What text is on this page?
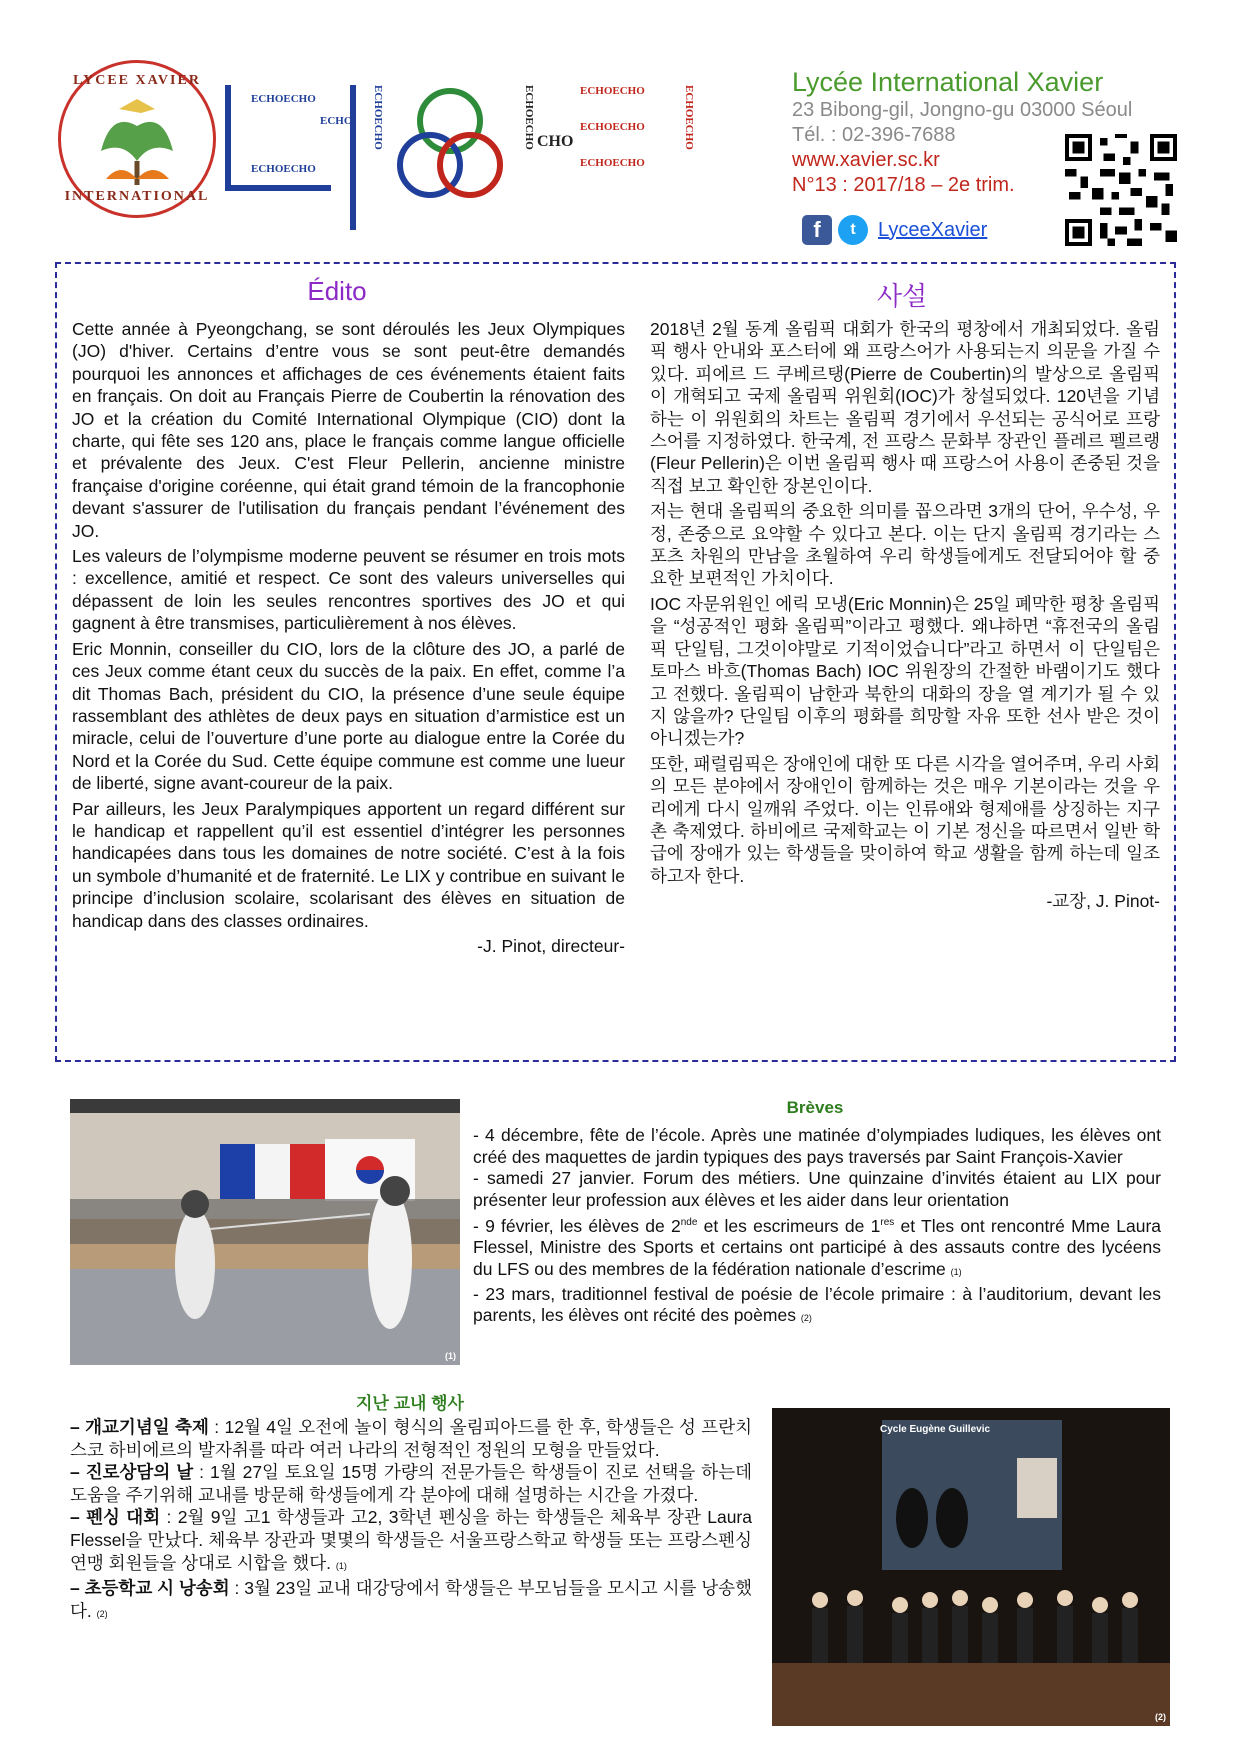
LYCEE XAVIER
INTERNATIONAL
ECHOECHO
ECHOECHO
ECHO	ECHOECHO	ECHOECHO CHO
ECHOECHO
ECHOECHO
ECHOECHO
ECHOECHO
Lycée International Xavier
23 Bibong-gil, Jongno-gu 03000 Séoul
Tél. : 02-396-7688
www.xavier.sc.kr
N°13 : 2017/18 – 2e trim.
f	t	LyceeXavier
Édito	사설

Cette année à Pyeongchang, se sont déroulés les Jeux Olympiques (JO) d'hiver. Certains d’entre vous se sont peut-être demandés pourquoi les annonces et affichages de ces événements étaient faits en français. On doit au Français Pierre de Coubertin la rénovation des JO et la création du Comité International Olympique (CIO) dont la charte, qui fête ses 120 ans, place le français comme langue officielle et prévalente des Jeux. C'est Fleur Pellerin, ancienne ministre française d'origine coréenne, qui était grand témoin de la francophonie devant s'assurer de l'utilisation du français pendant l’événement des JO.

Les valeurs de l’olympisme moderne peuvent se résumer en trois mots : excellence, amitié et respect. Ce sont des valeurs universelles qui dépassent de loin les seules rencontres sportives des JO et qui gagnent à être transmises, particulièrement à nos élèves.

Eric Monnin, conseiller du CIO, lors de la clôture des JO, a parlé de ces Jeux comme étant ceux du succès de la paix. En effet, comme l’a dit Thomas Bach, président du CIO, la présence d’une seule équipe rassemblant des athlètes de deux pays en situation d’armistice est un miracle, celui de l’ouverture d’une porte au dialogue entre la Corée du Nord et la Corée du Sud. Cette équipe commune est comme une lueur de liberté, signe avant-coureur de la paix.

Par ailleurs, les Jeux Paralympiques apportent un regard différent sur le handicap et rappellent qu’il est essentiel d’intégrer les personnes handicapées dans tous les domaines de notre société. C’est à la fois un symbole d’humanité et de fraternité. Le LIX y contribue en suivant le principe d’inclusion scolaire, scolarisant des élèves en situation de handicap dans des classes ordinaires.

-J. Pinot, directeur-

2018년 2월 동계 올림픽 대회가 한국의 평창에서 개최되었다. 올림픽 행사 안내와 포스터에 왜 프랑스어가 사용되는지 의문을 가질 수 있다. 피에르 드 쿠베르탱(Pierre de Coubertin)의 발상으로 올림픽이 개혁되고 국제 올림픽 위원회(IOC)가 창설되었다. 120년을 기념하는 이 위원회의 차트는 올림픽 경기에서 우선되는 공식어로 프랑스어를 지정하였다. 한국계, 전 프랑스 문화부 장관인 플레르 펠르랭(Fleur Pellerin)은 이번 올림픽 행사 때 프랑스어 사용이 존중된 것을 직접 보고 확인한 장본인이다.

저는 현대 올림픽의 중요한 의미를 꼽으라면 3개의 단어, 우수성, 우정, 존중으로 요약할 수 있다고 본다. 이는 단지 올림픽 경기라는 스포츠 차원의 만남을 초월하여 우리 학생들에게도 전달되어야 할 중요한 보편적인 가치이다.

IOC 자문위원인 에릭 모냉(Eric Monnin)은 25일 폐막한 평창 올림픽을 “성공적인 평화 올림픽”이라고 평했다. 왜냐하면 “휴전국의 올림픽 단일팀, 그것이야말로 기적이었습니다”라고 하면서 이 단일팀은 토마스 바흐(Thomas Bach) IOC 위원장의 간절한 바램이기도 했다고 전했다. 올림픽이 남한과 북한의 대화의 장을 열 계기가 될 수 있지 않을까? 단일팀 이후의 평화를 희망할 자유 또한 선사 받은 것이 아니겠는가?

또한, 패럴림픽은 장애인에 대한 또 다른 시각을 열어주며, 우리 사회의 모든 분야에서 장애인이 함께하는 것은 매우 기본이라는 것을 우리에게 다시 일깨워 주었다. 이는 인류애와 형제애를 상징하는 지구촌 축제였다. 하비에르 국제학교는 이 기본 정신을 따르면서 일반 학급에 장애가 있는 학생들을 맞이하여 학교 생활을 함께 하는데 일조하고자 한다.

-교장, J. Pinot-

(1)
Brèves

- 4 décembre, fête de l’école. Après une matinée d’olympiades ludiques, les élèves ont créé des maquettes de jardin typiques des pays traversés par Saint François-Xavier

- samedi 27 janvier. Forum des métiers. Une quinzaine d’invités étaient au LIX pour présenter leur profession aux élèves et les aider dans leur orientation

- 9 février, les élèves de 2nde et les escrimeurs de 1res et Tles ont rencontré Mme Laura Flessel, Ministre des Sports et certains ont participé à des assauts contre des lycéens du LFS ou des membres de la fédération nationale d’escrime (1)

- 23 mars, traditionnel festival de poésie de l’école primaire : à l’auditorium, devant les parents, les élèves ont récité des poèmes (2)

지난 교내 행사

– 개교기념일 축제 : 12월 4일 오전에 놀이 형식의 올림피아드를 한 후, 학생들은 성 프란치스코 하비에르의 발자취를 따라 여러 나라의 전형적인 정원의 모형을 만들었다.

– 진로상담의 날 : 1월 27일 토요일 15명 가량의 전문가들은 학생들이 진로 선택을 하는데 도움을 주기위해 교내를 방문해 학생들에게 각 분야에 대해 설명하는 시간을 가졌다.

– 펜싱 대회 : 2월 9일 고1 학생들과 고2, 3학년 펜싱을 하는 학생들은 체육부 장관 Laura Flessel을 만났다. 체육부 장관과 몇몇의 학생들은 서울프랑스학교 학생들 또는 프랑스펜싱연맹 회원들을 상대로 시합을 했다. (1)

– 초등학교 시 낭송회 : 3월 23일 교내 대강당에서 학생들은 부모님들을 모시고 시를 낭송했다. (2)

Cycle Eugène Guillevic
(2)
